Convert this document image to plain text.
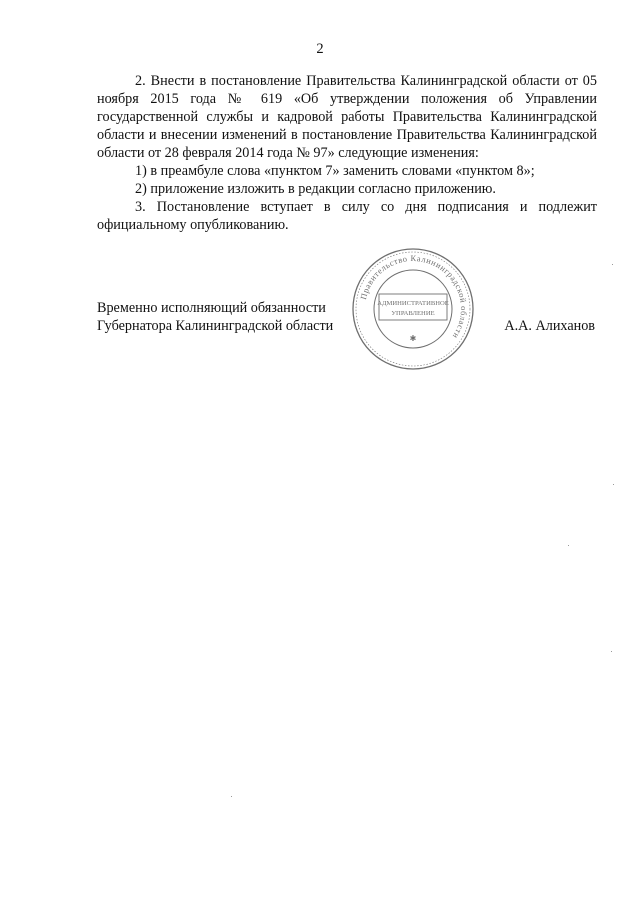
2

2. Внести в постановление Правительства Калининградской области от 05 ноября 2015 года № 619 «Об утверждении положения об Управлении государственной службы и кадровой работы Правительства Калининградской области и внесении изменений в постановление Правительства Калининградской области от 28 февраля 2014 года № 97» следующие изменения:

1) в преамбуле слова «пунктом 7» заменить словами «пунктом 8»;

2) приложение изложить в редакции согласно приложению.

3. Постановление вступает в силу со дня подписания и подлежит официальному опубликованию.

Временно исполняющий обязанности
Губернатора Калининградской области	А.А. Алиханов
Правительство Калининградской области
АДМИНИСТРАТИВНОЕ
УПРАВЛЕНИЕ
✱
